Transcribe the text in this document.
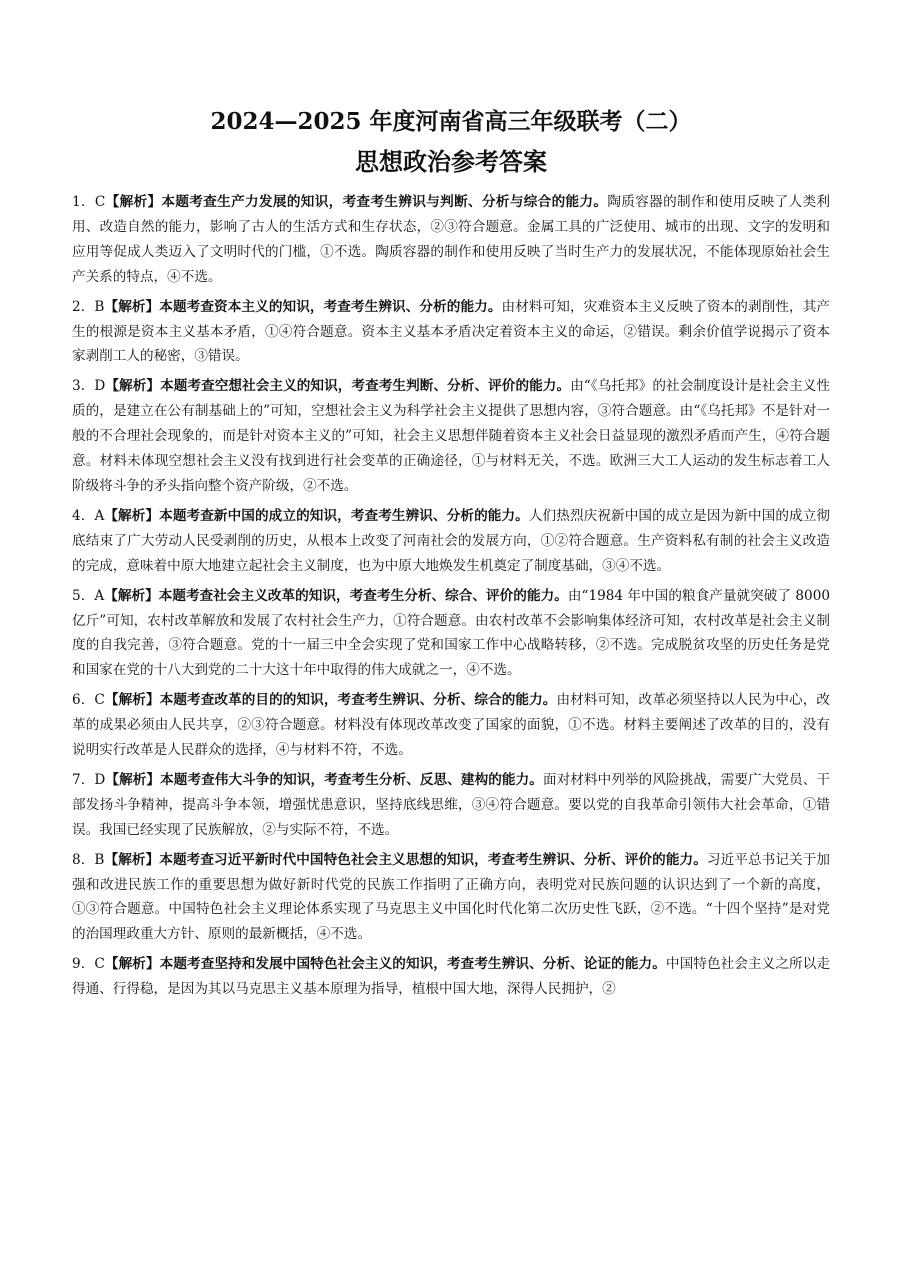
2024—2025 年度河南省高三年级联考（二）
思想政治参考答案

1．C【解析】本题考查生产力发展的知识，考查考生辨识与判断、分析与综合的能力。陶质容器的制作和使用反映了人类利用、改造自然的能力，影响了古人的生活方式和生存状态，②③符合题意。金属工具的广泛使用、城市的出现、文字的发明和应用等促成人类迈入了文明时代的门槛，①不选。陶质容器的制作和使用反映了当时生产力的发展状况，不能体现原始社会生产关系的特点，④不选。

2．B【解析】本题考查资本主义的知识，考查考生辨识、分析的能力。由材料可知，灾难资本主义反映了资本的剥削性，其产生的根源是资本主义基本矛盾，①④符合题意。资本主义基本矛盾决定着资本主义的命运，②错误。剩余价值学说揭示了资本家剥削工人的秘密，③错误。

3．D【解析】本题考查空想社会主义的知识，考查考生判断、分析、评价的能力。由“《乌托邦》的社会制度设计是社会主义性质的，是建立在公有制基础上的”可知，空想社会主义为科学社会主义提供了思想内容，③符合题意。由“《乌托邦》不是针对一般的不合理社会现象的，而是针对资本主义的”可知，社会主义思想伴随着资本主义社会日益显现的激烈矛盾而产生，④符合题意。材料未体现空想社会主义没有找到进行社会变革的正确途径，①与材料无关，不选。欧洲三大工人运动的发生标志着工人阶级将斗争的矛头指向整个资产阶级，②不选。

4．A【解析】本题考查新中国的成立的知识，考查考生辨识、分析的能力。人们热烈庆祝新中国的成立是因为新中国的成立彻底结束了广大劳动人民受剥削的历史，从根本上改变了河南社会的发展方向，①②符合题意。生产资料私有制的社会主义改造的完成，意味着中原大地建立起社会主义制度，也为中原大地焕发生机奠定了制度基础，③④不选。

5．A【解析】本题考查社会主义改革的知识，考查考生分析、综合、评价的能力。由“1984 年中国的粮食产量就突破了 8000 亿斤”可知，农村改革解放和发展了农村社会生产力，①符合题意。由农村改革不会影响集体经济可知，农村改革是社会主义制度的自我完善，③符合题意。党的十一届三中全会实现了党和国家工作中心战略转移，②不选。完成脱贫攻坚的历史任务是党和国家在党的十八大到党的二十大这十年中取得的伟大成就之一，④不选。

6．C【解析】本题考查改革的目的的知识，考查考生辨识、分析、综合的能力。由材料可知，改革必须坚持以人民为中心，改革的成果必须由人民共享，②③符合题意。材料没有体现改革改变了国家的面貌，①不选。材料主要阐述了改革的目的，没有说明实行改革是人民群众的选择，④与材料不符，不选。

7．D【解析】本题考查伟大斗争的知识，考查考生分析、反思、建构的能力。面对材料中列举的风险挑战，需要广大党员、干部发扬斗争精神，提高斗争本领，增强忧患意识，坚持底线思维，③④符合题意。要以党的自我革命引领伟大社会革命，①错误。我国已经实现了民族解放，②与实际不符，不选。

8．B【解析】本题考查习近平新时代中国特色社会主义思想的知识，考查考生辨识、分析、评价的能力。习近平总书记关于加强和改进民族工作的重要思想为做好新时代党的民族工作指明了正确方向，表明党对民族问题的认识达到了一个新的高度，①③符合题意。中国特色社会主义理论体系实现了马克思主义中国化时代化第二次历史性飞跃，②不选。“十四个坚持”是对党的治国理政重大方针、原则的最新概括，④不选。

9．C【解析】本题考查坚持和发展中国特色社会主义的知识，考查考生辨识、分析、论证的能力。中国特色社会主义之所以走得通、行得稳，是因为其以马克思主义基本原理为指导，植根中国大地，深得人民拥护，②
